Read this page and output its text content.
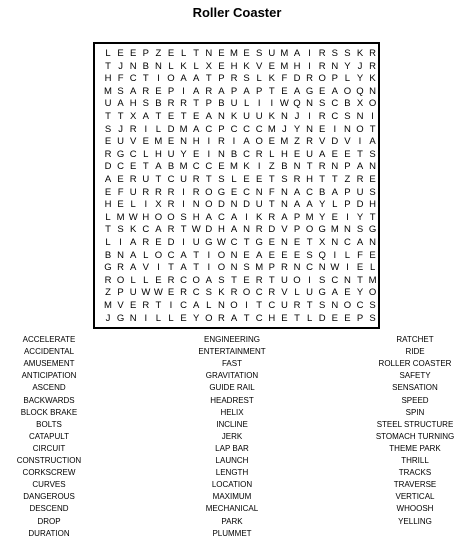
Roller Coaster
L E E P Z E L T N E M E S U M A I R S S K R
T J N B N L K L X E H K V E M H I R N Y J R
H F C T I O A A T P R S L K F D R O P L Y K
M S A R E P I A R A P A P T E A G E A O Q N
U A H S B R R T P B U L I	I W Q N S C B X O
T T X A T E T E A N K U U K N J I R C S N I
S J R I L D M A C P C C C M J Y N E I N O T
E U V E M E N H I R I A O E M Z R V D V I A
R G C L H U Y E I N B C R L H E U A E E T S
D C E T A B M C C E M K I Z B N T R N P A N
A E R U T C U R T S L E E T S R H T T Z R E
E F U R R R I R O G E C N F N A C B A P U S
H E L I X R I N O D N D U T N A A Y L P D H
L M W H O O S H A C A I K R A P M Y E I Y T
T S K C A R T W D H A N R D V P O G M N S G
L I A R E D I U G W C T G E N E T X N C A N
B N A L O C A T I O N E A E E E S Q I L F E
G R A V I T A T I O N S M P R N C N W I E L
R O L L E R C O A S T E R T U O I S C N T M
Z P U W W E R C S K R O C R V L U G A E Y O
M V E R T I C A L N O I T C U R T S N O C S
J G N I L L E Y O R A T C H E T L D E E P S
ACCELERATE
ACCIDENTAL
AMUSEMENT
ANTICIPATION
ASCEND
BACKWARDS
BLOCK BRAKE
BOLTS
CATAPULT
CIRCUIT
CONSTRUCTION
CORKSCREW
CURVES
DANGEROUS
DESCEND
DROP
DURATION
ENGINEERING
ENTERTAINMENT
FAST
GRAVITATION
GUIDE RAIL
HEADREST
HELIX
INCLINE
JERK
LAP BAR
LAUNCH
LENGTH
LOCATION
MAXIMUM
MECHANICAL
PARK
PLUMMET
RATCHET
RIDE
ROLLER COASTER
SAFETY
SENSATION
SPEED
SPIN
STEEL STRUCTURE
STOMACH TURNING
THEME PARK
THRILL
TRACKS
TRAVERSE
VERTICAL
WHOOSH
YELLING
